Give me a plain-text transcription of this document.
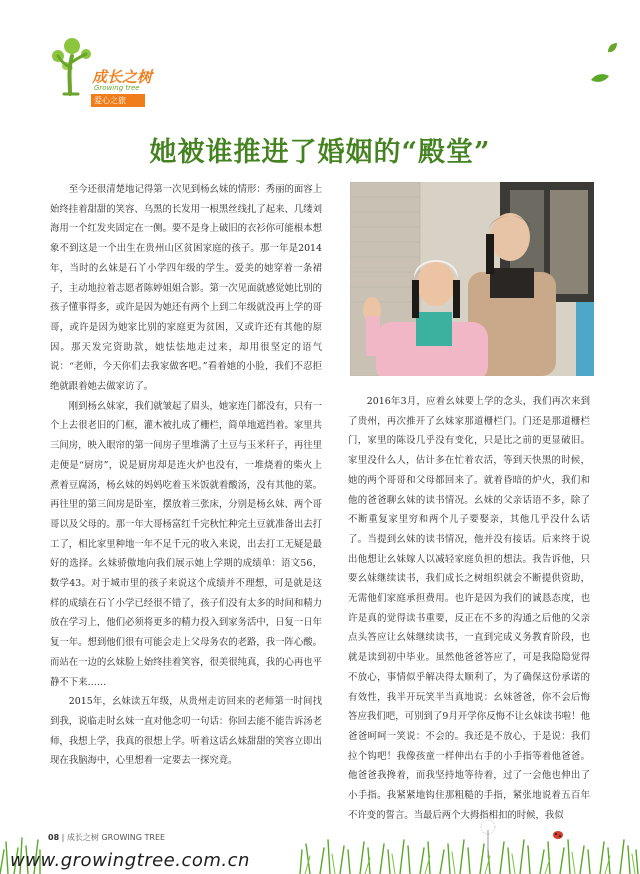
成长之树
Growing tree
爱心之旅
她被谁推进了婚姻的“殿堂”

至今还很清楚地记得第一次见到杨幺妹的情形：秀丽的面容上始终挂着甜甜的笑容、乌黑的长发用一根黑丝线扎了起来、几缕刘海用一个红发夹固定在一侧。要不是身上破旧的衣衫你可能根本想象不到这是一个出生在贵州山区贫困家庭的孩子。那一年是2014年，当时的幺妹是石丫小学四年级的学生。爱美的她穿着一条裙子，主动地拉着志愿者陈婷姐姐合影。第一次见面就感觉她比别的孩子懂事得多，或许是因为她还有两个上到二年级就没再上学的哥哥，或许是因为她家比别的家庭更为贫困，又或许还有其他的原因。那天发完资助款，她怯怯地走过来，却用很坚定的语气说：“老师，今天你们去我家做客吧。”看着她的小脸，我们不忍拒绝就跟着她去做家访了。

刚到杨幺妹家，我们就皱起了眉头，她家连门都没有，只有一个上去很老旧的门框，灌木被扎成了栅栏，简单地遮挡着。家里共三间房，映入眼帘的第一间房子里堆满了土豆与玉米秆子，再往里走便是“厨房”，说是厨房却是连火炉也没有，一堆烧着的柴火上煮着豆腐汤，杨幺妹的妈妈吃着玉米饭就着酸汤，没有其他的菜。再往里的第三间房是卧室，摆放着三张床，分别是杨幺妹、两个哥哥以及父母的。那一年大哥杨富红千完秋忙种完土豆就准备出去打工了，相比家里种地一年不足千元的收入来说，出去打工无疑是最好的选择。幺妹骄傲地向我们展示她上学期的成绩单：语文56，数学43。对于城市里的孩子来说这个成绩并不理想，可是就是这样的成绩在石丫小学已经很不错了，孩子们没有太多的时间和精力放在学习上，他们必须将更多的精力投入到家务活中，日复一日年复一年。想到他们很有可能会走上父母务农的老路，我一阵心酸。而站在一边的幺妹脸上始终挂着笑容，很美很纯真，我的心再也平静不下来……

2015年，幺妹读五年级，从贵州走访回来的老师第一时间找到我，说临走时幺妹一直对他念叨一句话：你回去能不能告诉汤老师，我想上学，我真的很想上学。听着这话幺妹甜甜的笑容立即出现在我脑海中，心里想着一定要去一探究竟。

2016年3月，应着幺妹要上学的念头，我们再次来到了贵州，再次推开了幺妹家那道栅栏门。门还是那道栅栏门，家里的陈设几乎没有变化，只是比之前的更显破旧。家里没什么人，估计多在忙着农活，等到天快黑的时候，她的两个哥哥和父母都回来了。就着昏暗的炉火，我们和他的爸爸聊幺妹的读书情况。幺妹的父亲话语不多，除了不断重复家里穷和两个儿子要娶亲，其他几乎没什么话了。当提到幺妹的读书情况，他并没有接话。后来终于说出他想让幺妹嫁人以减轻家庭负担的想法。我告诉他，只要幺妹继续读书，我们成长之树组织就会不断提供资助，无需他们家庭承担费用。也许是因为我们的诚恳态度，也许是真的觉得读书重要，反正在不多的沟通之后他的父亲点头答应让幺妹继续读书，一直到完成义务教育阶段，也就是读到初中毕业。虽然他爸爸答应了，可是我隐隐觉得不放心，事情似乎解决得太顺利了，为了确保这份承诺的有效性，我半开玩笑半当真地说：幺妹爸爸，你不会后悔答应我们吧，可别到了9月开学你反悔不让幺妹读书啦！他爸爸呵呵一笑说：不会的。我还是不放心，于是说：我们拉个钩吧！我像孩童一样伸出右手的小手指等着他爸爸。他爸爸我搀着，而我坚持地等待着，过了一会他也伸出了小手指。我紧紧地钩住那粗糙的手指，紧张地说着五百年不许变的誓言。当最后两个大拇指相扣的时候，我似

08 | 成长之树 GROWING TREE
www.growingtree.com.cn
